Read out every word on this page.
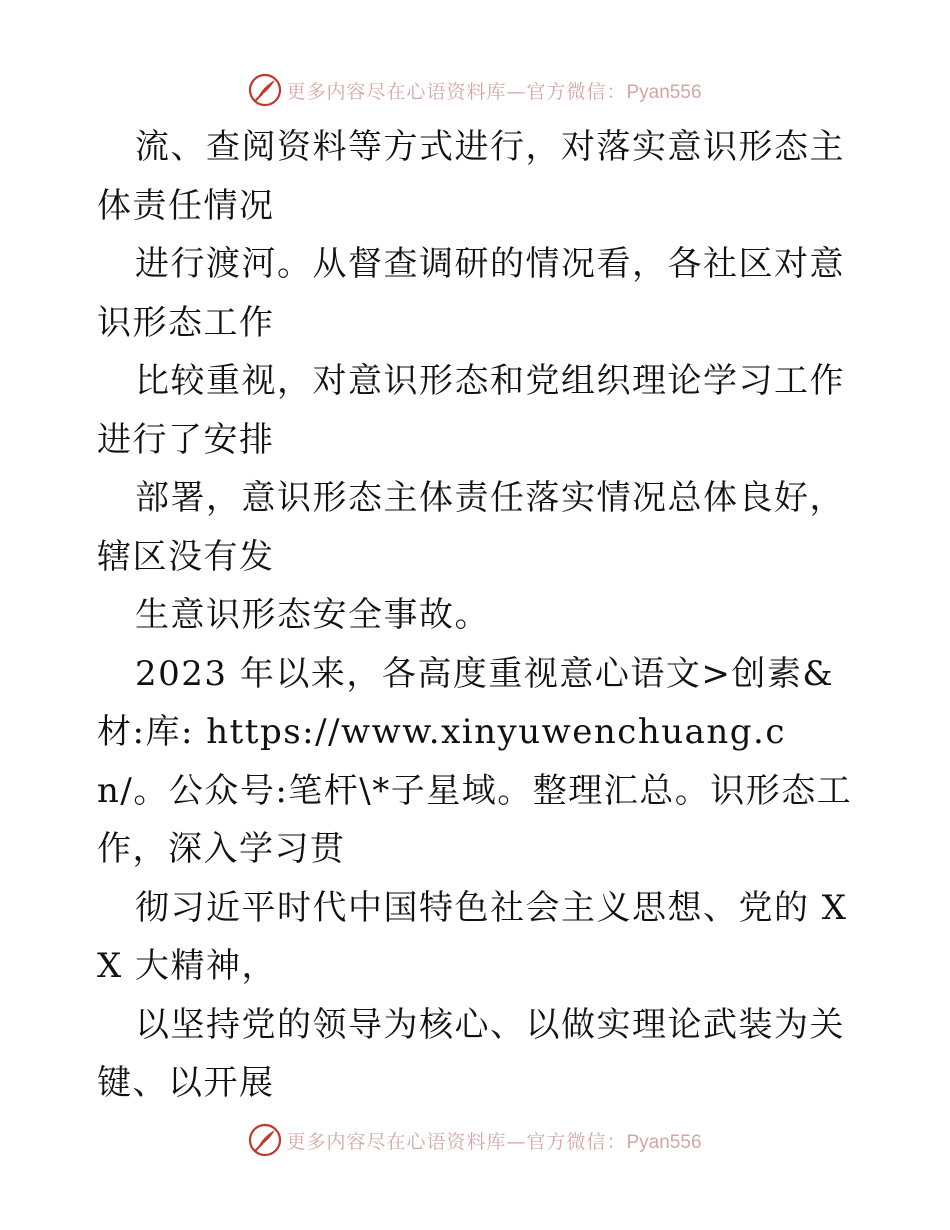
更多内容尽在心语资料库—官方微信：Pyan556

流、查阅资料等方式进行，对落实意识形态主体责任情况

进行渡河。从督查调研的情况看，各社区对意识形态工作

比较重视，对意识形态和党组织理论学习工作进行了安排

部署，意识形态主体责任落实情况总体良好，辖区没有发

生意识形态安全事故。

2023 年以来，各高度重视意心语文>创素&材:库: https://www.xinyuwenchuang.cn/。公众号:笔杆\*子星域。整理汇总。识形态工作，深入学习贯

彻习近平时代中国特色社会主义思想、党的 XX 大精神，

以坚持党的领导为核心、以做实理论武装为关键、以开展

更多内容尽在心语资料库—官方微信：Pyan556
